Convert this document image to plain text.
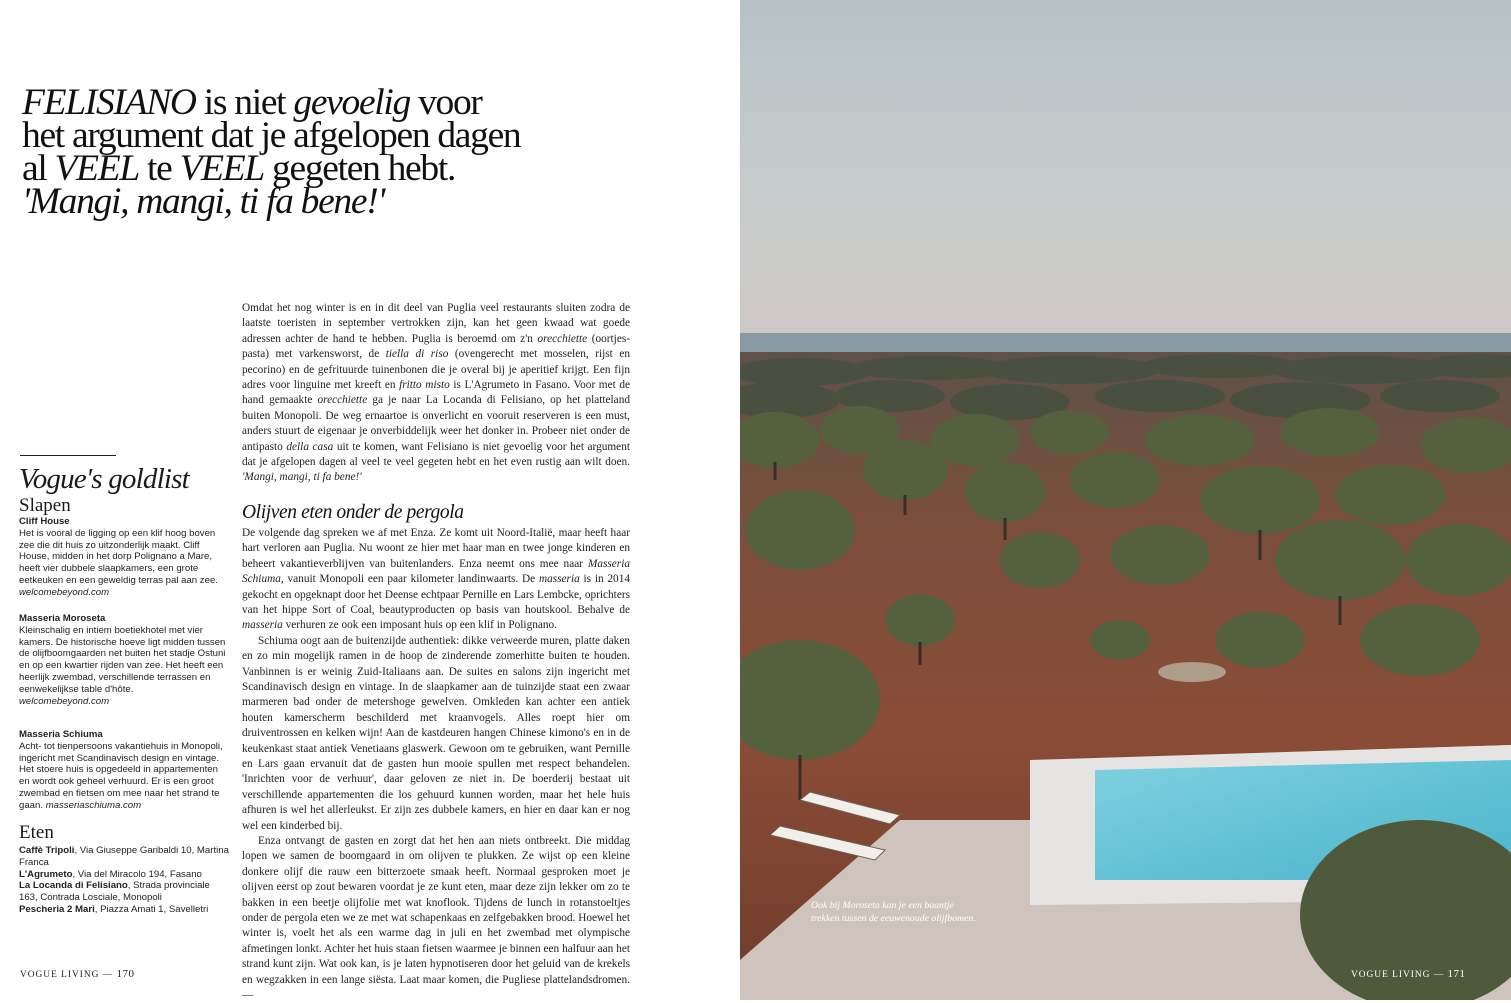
FELISIANO is niet gevoelig voor

het argument dat je afgelopen dagen

al VEEL te VEEL gegeten hebt.

'Mangi, mangi, ti fa bene!'

Vogue's goldlist
Slapen
Cliff House
Het is vooral de ligging op een klif hoog boven zee die dit huis zo uitzonderlijk maakt. Cliff House, midden in het dorp Polignano a Mare, heeft vier dubbele slaapkamers, een grote eetkeuken en een geweldig terras pal aan zee.
welcomebeyond.com
Masseria Moroseta
Kleinschalig en intiem boetiekhotel met vier kamers. De historische hoeve ligt midden tussen de olijfboomgaarden net buiten het stadje Ostuni en op een kwartier rijden van zee. Het heeft een heerlijk zwembad, verschillende terrassen en eenwekelijkse table d'hôte.
welcomebeyond.com
Masseria Schiuma
Acht- tot tienpersoons vakantiehuis in Monopoli, ingericht met Scandinavisch design en vintage. Het stoere huis is opgedeeld in appartementen en wordt ook geheel verhuurd. Er is een groot zwembad en fietsen om mee naar het strand te gaan. masseriaschiuma.com
Eten
Caffè Tripoli, Via Giuseppe Garibaldi 10, Martina Franca
L'Agrumeto, Via del Miracolo 194, Fasano
La Locanda di Felisiano, Strada provinciale 163, Contrada Losciale, Monopoli
Pescheria 2 Mari, Piazza Amati 1, Savelletri

Omdat het nog winter is en in dit deel van Puglia veel restaurants sluiten zodra de laatste toeristen in september vertrokken zijn, kan het geen kwaad wat goede adressen achter de hand te hebben. Puglia is beroemd om z'n orecchiette (oortjes-pasta) met varkensworst, de tiella di riso (ovengerecht met mosselen, rijst en pecorino) en de gefrituurde tuinenbonen die je overal bij je aperitief krijgt. Een fijn adres voor linguine met kreeft en fritto misto is L'Agrumeto in Fasano. Voor met de hand gemaakte orecchiette ga je naar La Locanda di Felisiano, op het platteland buiten Monopoli. De weg ernaartoe is onverlicht en vooruit reserveren is een must, anders stuurt de eigenaar je onverbiddelijk weer het donker in. Probeer niet onder de antipasto della casa uit te komen, want Felisiano is niet gevoelig voor het argument dat je afgelopen dagen al veel te veel gegeten hebt en het even rustig aan wilt doen. 'Mangi, mangi, ti fa bene!'

Olijven eten onder de pergola

De volgende dag spreken we af met Enza. Ze komt uit Noord-Italië, maar heeft haar hart verloren aan Puglia. Nu woont ze hier met haar man en twee jonge kinderen en beheert vakantieverblijven van buitenlanders. Enza neemt ons mee naar Masseria Schiuma, vanuit Monopoli een paar kilometer landinwaarts. De masseria is in 2014 gekocht en opgeknapt door het Deense echtpaar Pernille en Lars Lembcke, oprichters van het hippe Sort of Coal, beautyproducten op basis van houtskool. Behalve de masseria verhuren ze ook een imposant huis op een klif in Polignano.

Schiuma oogt aan de buitenzijde authentiek: dikke verweerde muren, platte daken en zo min mogelijk ramen in de hoop de zinderende zomerhitte buiten te houden. Vanbinnen is er weinig Zuid-Italiaans aan. De suites en salons zijn ingericht met Scandinavisch design en vintage. In de slaapkamer aan de tuinzijde staat een zwaar marmeren bad onder de metershoge gewelven. Omkleden kan achter een antiek houten kamerscherm beschilderd met kraanvogels. Alles roept hier om druiventrossen en kelken wijn! Aan de kastdeuren hangen Chinese kimono's en in de keukenkast staat antiek Venetiaans glaswerk. Gewoon om te gebruiken, want Pernille en Lars gaan ervanuit dat de gasten hun mooie spullen met respect behandelen. 'Inrichten voor de verhuur', daar geloven ze niet in. De boerderij bestaat uit verschillende appartementen die los gehuurd kunnen worden, maar het hele huis afhuren is wel het allerleukst. Er zijn zes dubbele kamers, en hier en daar kan er nog wel een kinderbed bij.

Enza ontvangt de gasten en zorgt dat het hen aan niets ontbreekt. Die middag lopen we samen de boomgaard in om olijven te plukken. Ze wijst op een kleine donkere olijf die rauw een bitterzoete smaak heeft. Normaal gesproken moet je olijven eerst op zout bewaren voordat je ze kunt eten, maar deze zijn lekker om zo te bakken in een beetje olijfolie met wat knoflook. Tijdens de lunch in rotanstoeltjes onder de pergola eten we ze met wat schapenkaas en zelfgebakken brood. Hoewel het winter is, voelt het als een warme dag in juli en het zwembad met olympische afmetingen lonkt. Achter het huis staan fietsen waarmee je binnen een halfuur aan het strand kunt zijn. Wat ook kan, is je laten hypnotiseren door het geluid van de krekels en wegzakken in een lange siësta. Laat maar komen, die Pugliese plattelandsdromen. —

VOGUE LIVING — 170
Ook bij Moroseta kan je een baantje trekken tussen de eeuwenoude olijfbomen.
VOGUE LIVING — 171
